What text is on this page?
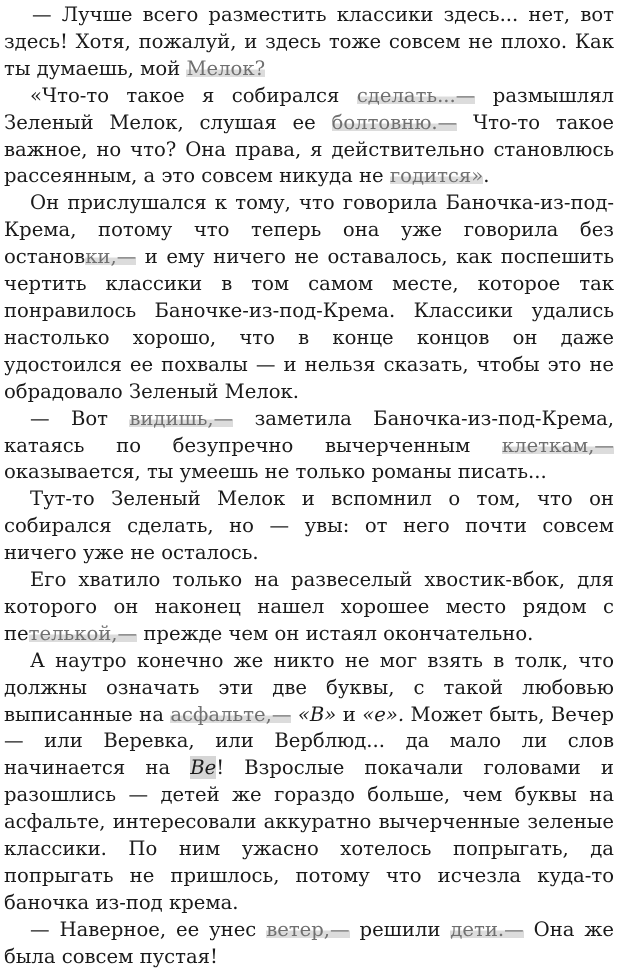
— Лучше всего разместить классики здесь... нет, вот здесь! Хотя, пожалуй, и здесь тоже совсем не плохо. Как ты думаешь, мой Мелок?

«Что-то такое я собирался сделать...— размышлял Зеленый Мелок, слушая ее болтовню.— Что-то такое важное, но что? Она права, я действительно становлюсь рассеянным, а это совсем никуда не годится».

Он прислушался к тому, что говорила Баночка-из-под-Крема, потому что теперь она уже говорила без остановки,— и ему ничего не оставалось, как поспешить чертить классики в том самом месте, которое так понравилось Баночке-из-под-Крема. Классики удались настолько хорошо, что в конце концов он даже удостоился ее похвалы — и нельзя сказать, чтобы это не обрадовало Зеленый Мелок.

— Вот видишь,— заметила Баночка-из-под-Крема, катаясь по безупречно вычерченным клеткам,— оказывается, ты умеешь не только романы писать...

Тут-то Зеленый Мелок и вспомнил о том, что он собирался сделать, но — увы: от него почти совсем ничего уже не осталось.

Его хватило только на развеселый хвостик-вбок, для которого он наконец нашел хорошее место рядом с петелькой,— прежде чем он истаял окончательно.

А наутро конечно же никто не мог взять в толк, что должны означать эти две буквы, с такой любовью выписанные на асфальте,— «В» и «е». Может быть, Вечер — или Веревка, или Верблюд... да мало ли слов начинается на Ве! Взрослые покачали головами и разошлись — детей же гораздо больше, чем буквы на асфальте, интересовали аккуратно вычерченные зеленые классики. По ним ужасно хотелось попрыгать, да попрыгать не пришлось, потому что исчезла куда-то баночка из-под крема.

— Наверное, ее унес ветер,— решили дети.— Она же была совсем пустая!
